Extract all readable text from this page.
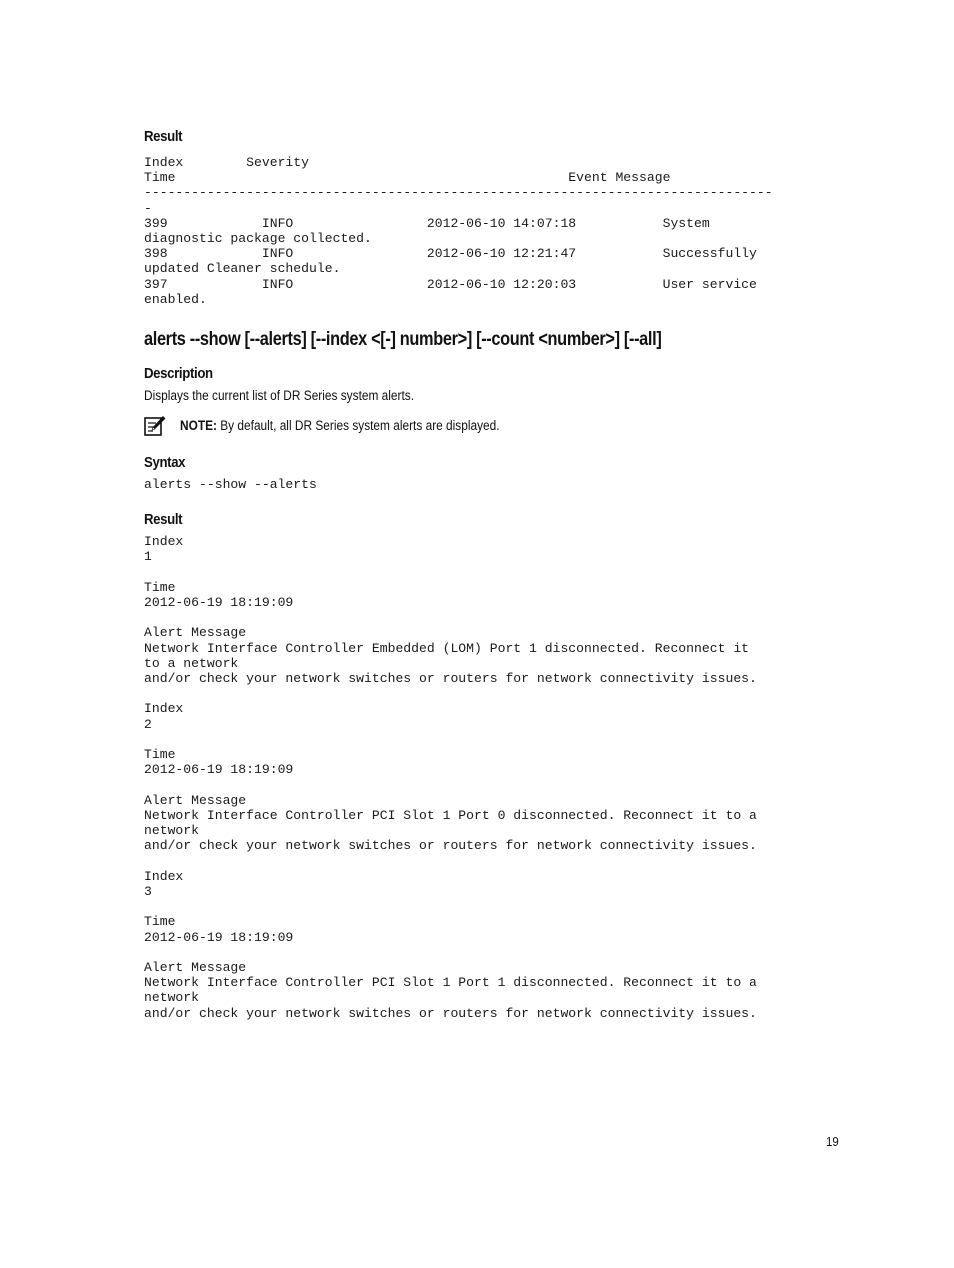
Result
Index        Severity
Time                                                  Event Message
--------------------------------------------------------------------------------
-
399            INFO                 2012-06-10 14:07:18           System
diagnostic package collected.
398            INFO                 2012-06-10 12:21:47           Successfully
updated Cleaner schedule.
397            INFO                 2012-06-10 12:20:03           User service
enabled.
alerts --show [--alerts] [--index <[-] number>] [--count <number>] [--all]
Description

Displays the current list of DR Series system alerts.

NOTE: By default, all DR Series system alerts are displayed.
Syntax
alerts --show --alerts
Result
Index
1

Time
2012-06-19 18:19:09

Alert Message
Network Interface Controller Embedded (LOM) Port 1 disconnected. Reconnect it
to a network
and/or check your network switches or routers for network connectivity issues.

Index
2

Time
2012-06-19 18:19:09

Alert Message
Network Interface Controller PCI Slot 1 Port 0 disconnected. Reconnect it to a
network
and/or check your network switches or routers for network connectivity issues.

Index
3

Time
2012-06-19 18:19:09

Alert Message
Network Interface Controller PCI Slot 1 Port 1 disconnected. Reconnect it to a
network
and/or check your network switches or routers for network connectivity issues.
19
